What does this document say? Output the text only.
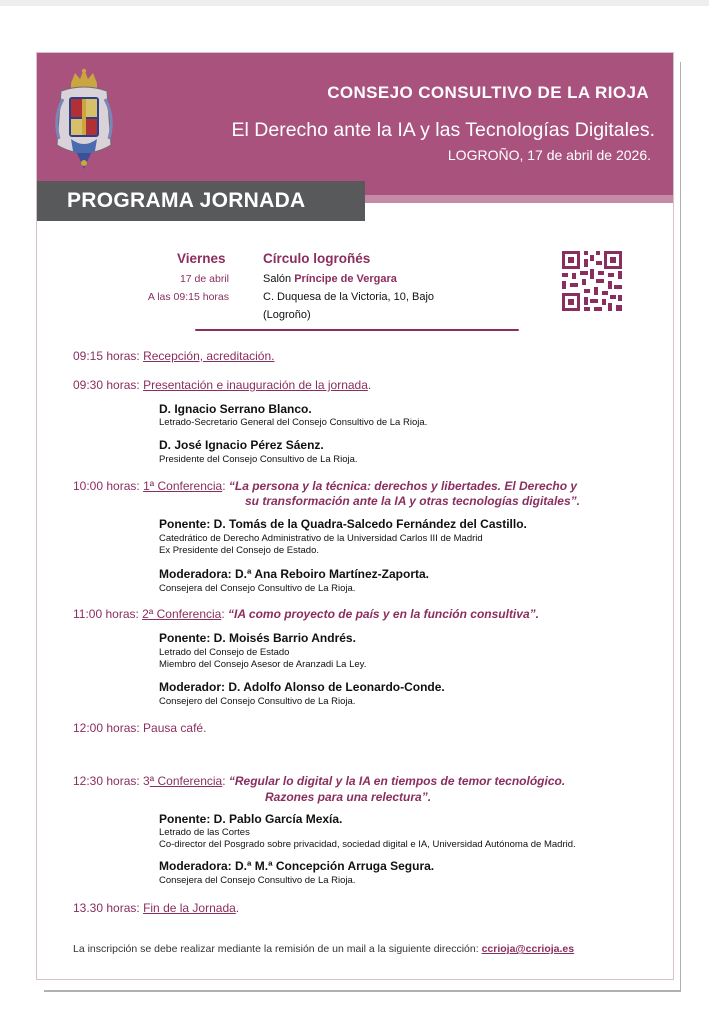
CONSEJO CONSULTIVO DE LA RIOJA
El Derecho ante la IA y las Tecnologías Digitales.
LOGROÑO, 17 de abril de 2026.
PROGRAMA JORNADA
Viernes
17 de abril
A las 09:15 horas
Círculo logroñés
Salón Príncipe de Vergara
C. Duquesa de la Victoria, 10, Bajo
(Logroño)
09:15 horas: Recepción, acreditación.
09:30 horas: Presentación e inauguración de la jornada.
D. Ignacio Serrano Blanco.
Letrado-Secretario General del Consejo Consultivo de La Rioja.
D. José Ignacio Pérez Sáenz.
Presidente del Consejo Consultivo de La Rioja.
10:00 horas: 1ª Conferencia: “La persona y la técnica: derechos y libertades. El Derecho y
su transformación ante la IA y otras tecnologías digitales”.
Ponente: D. Tomás de la Quadra-Salcedo Fernández del Castillo.
Catedrático de Derecho Administrativo de la Universidad Carlos III de Madrid
Ex Presidente del Consejo de Estado.
Moderadora: D.ª Ana Reboiro Martínez-Zaporta.
Consejera del Consejo Consultivo de La Rioja.
11:00 horas: 2ª Conferencia: “IA como proyecto de país y en la función consultiva”.
Ponente: D. Moisés Barrio Andrés.
Letrado del Consejo de Estado
Miembro del Consejo Asesor de Aranzadi La Ley.
Moderador: D. Adolfo Alonso de Leonardo-Conde.
Consejero del Consejo Consultivo de La Rioja.
12:00 horas: Pausa café.
12:30 horas: 3ª Conferencia: “Regular lo digital y la IA en tiempos de temor tecnológico.
Razones para una relectura”.
Ponente: D. Pablo García Mexía.
Letrado de las Cortes
Co-director del Posgrado sobre privacidad, sociedad digital e IA, Universidad Autónoma de Madrid.
Moderadora: D.ª M.ª Concepción Arruga Segura.
Consejera del Consejo Consultivo de La Rioja.
13.30 horas: Fin de la Jornada.
La inscripción se debe realizar mediante la remisión de un mail a la siguiente dirección: ccrioja@ccrioja.es
